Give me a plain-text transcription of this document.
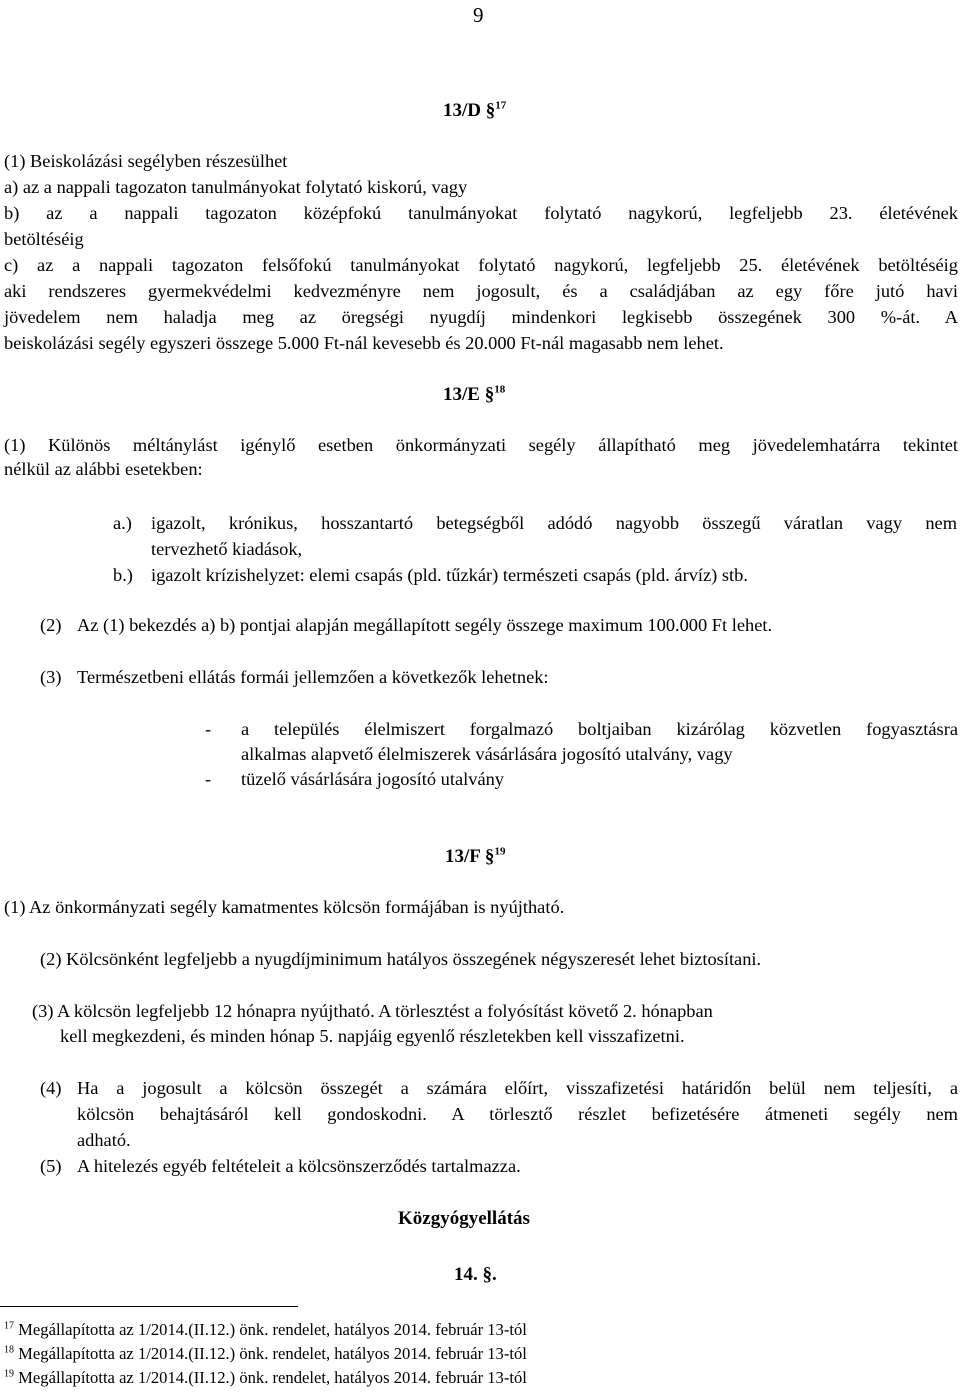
9
13/D §$^{17}$
(1) Beiskolázási segélyben részesülhet
a) az a nappali tagozaton tanulmányokat folytató kiskorú, vagy
b) az a nappali tagozaton középfokú tanulmányokat folytató nagykorú, legfeljebb 23. életévének
betöltéséig
c) az a nappali tagozaton felsőfokú tanulmányokat folytató nagykorú, legfeljebb 25. életévének betöltéséig
aki rendszeres gyermekvédelmi kedvezményre nem jogosult, és a családjában az egy főre jutó havi
jövedelem nem haladja meg az öregségi nyugdíj mindenkori legkisebb összegének 300 %-át. A
beiskolázási segély egyszeri összege 5.000 Ft-nál kevesebb és 20.000 Ft-nál magasabb nem lehet.
13/E §$^{18}$
(1) Különös méltánylást igénylő esetben önkormányzati segély állapítható meg jövedelemhatárra tekintet
nélkül az alábbi esetekben:
a.) igazolt, krónikus, hosszantartó betegségből adódó nagyobb összegű váratlan vagy nem
tervezhető kiadások,
b.) igazolt krízishelyzet: elemi csapás (pld. tűzkár) természeti csapás (pld. árvíz) stb.
(2) Az (1) bekezdés a) b) pontjai alapján megállapított segély összege maximum 100.000 Ft lehet.
(3) Természetbeni ellátás formái jellemzően a következők lehetnek:
- a település élelmiszert forgalmazó boltjaiban kizárólag közvetlen fogyasztásra
alkalmas alapvető élelmiszerek vásárlására jogosító utalvány, vagy
- tüzelő vásárlására jogosító utalvány
13/F §$^{19}$
(1) Az önkormányzati segély kamatmentes kölcsön formájában is nyújtható.
(2) Kölcsönként legfeljebb a nyugdíjminimum hatályos összegének négyszeresét lehet biztosítani.
(3) A kölcsön legfeljebb 12 hónapra nyújtható. A törlesztést a folyósítást követő 2. hónapban
kell megkezdeni, és minden hónap 5. napjáig egyenlő részletekben kell visszafizetni.
(4) Ha a jogosult a kölcsön összegét a számára előírt, visszafizetési határidőn belül nem teljesíti, a
kölcsön behajtásáról kell gondoskodni. A törlesztő részlet befizetésére átmeneti segély nem
adható.
(5) A hitelezés egyéb feltételeit a kölcsönszerződés tartalmazza.
Közgyógyellátás
14. §.
$^{17}$ Megállapította az 1/2014.(II.12.) önk. rendelet, hatályos 2014. február 13-tól
$^{18}$ Megállapította az 1/2014.(II.12.) önk. rendelet, hatályos 2014. február 13-tól
$^{19}$ Megállapította az 1/2014.(II.12.) önk. rendelet, hatályos 2014. február 13-tól
